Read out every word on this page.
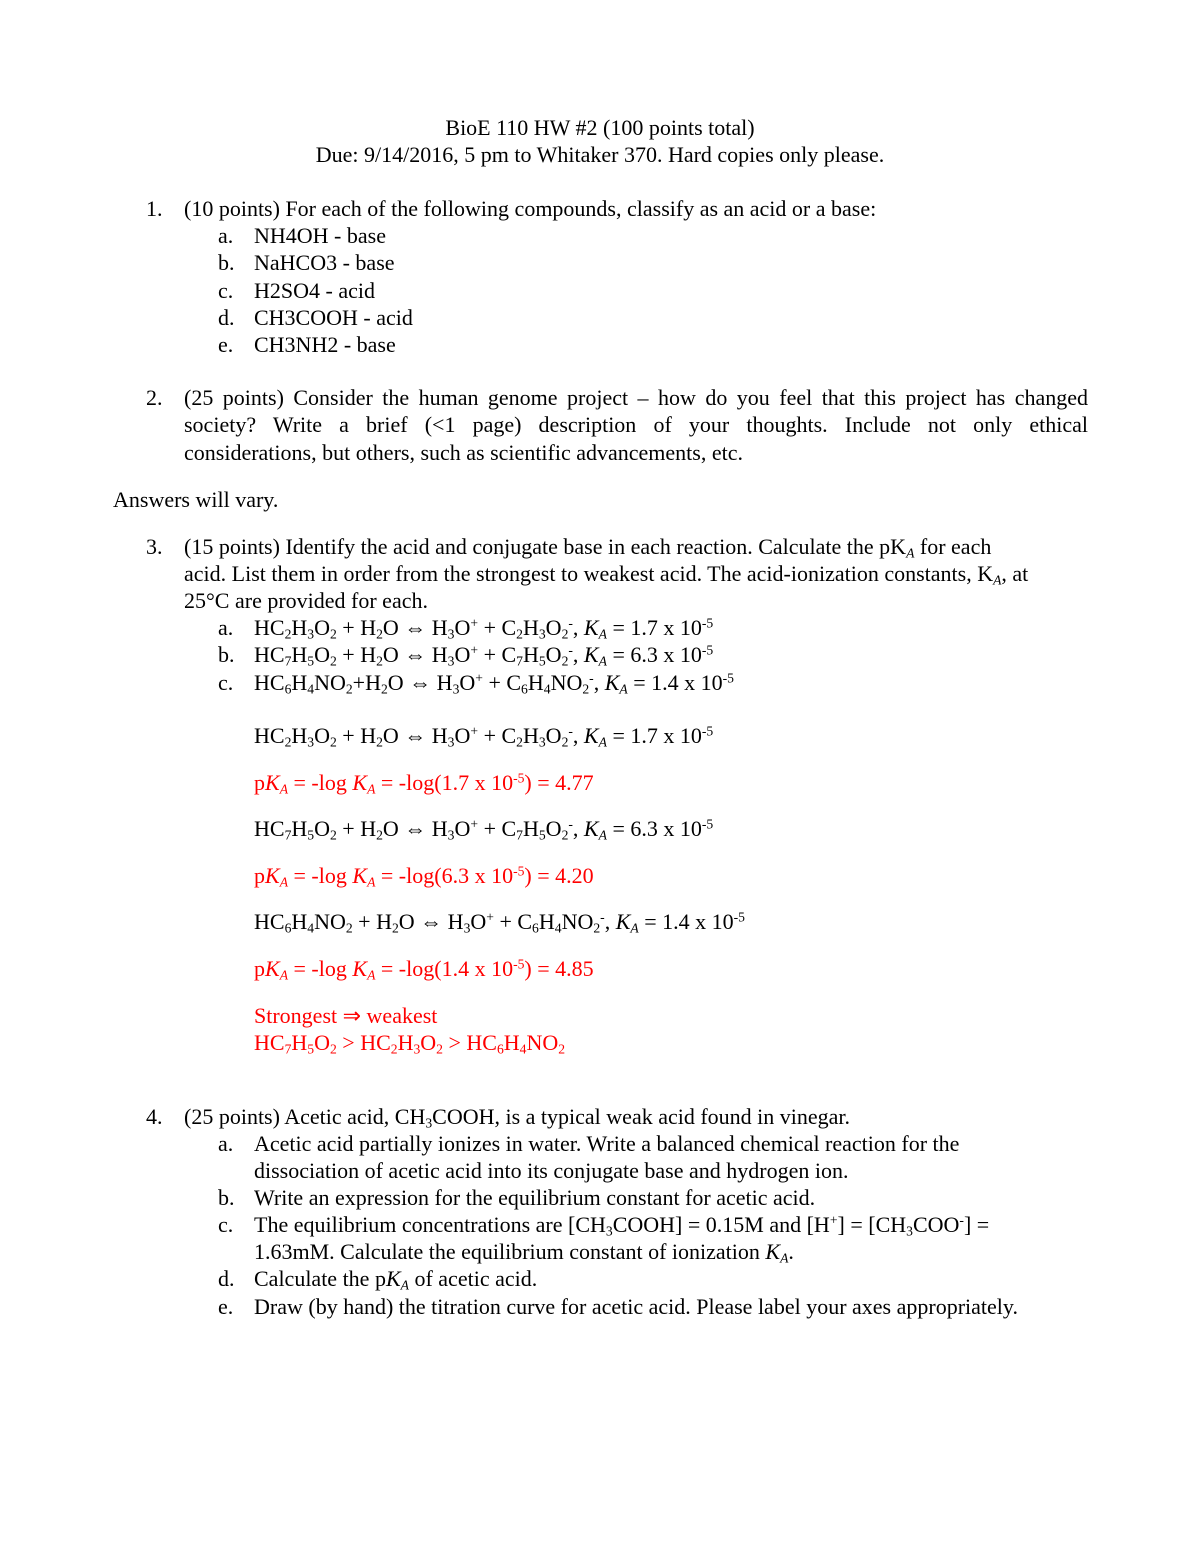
BioE 110 HW #2 (100 points total)
Due: 9/14/2016, 5 pm to Whitaker 370. Hard copies only please.
1. (10 points) For each of the following compounds, classify as an acid or a base:
a. NH4OH - base
b. NaHCO3 - base
c. H2SO4 - acid
d. CH3COOH - acid
e. CH3NH2 - base
2. (25 points) Consider the human genome project – how do you feel that this project has changed
society? Write a brief (<1 page) description of your thoughts. Include not only ethical
considerations, but others, such as scientific advancements, etc.
Answers will vary.
3. (15 points) Identify the acid and conjugate base in each reaction. Calculate the $pK_A$ for each
acid. List them in order from the strongest to weakest acid. The acid-ionization constants, $K_A$, at
25°C are provided for each.
a. $HC_2H_3O_2 + H_2O$ ⇔ $H_3O^+ + C_2H_3O_2^-$, $K_A = 1.7$ x $10^{-5}$
b. $HC_7H_5O_2 + H_2O$ ⇔ $H_3O^+ + C_7H_5O_2^-$, $K_A = 6.3$ x $10^{-5}$
c. $HC_6H_4NO_2+H_2O$ ⇔ $H_3O^+ + C_6H_4NO_2^-$, $K_A = 1.4$ x $10^{-5}$
$HC_2H_3O_2 + H_2O$ ⇔ $H_3O^+ + C_2H_3O_2^-$, $K_A = 1.7$ x $10^{-5}$
$pK_A = -\log$ $K_A = -\log(1.7$ x $10^{-5}) = 4.77$
$HC_7H_5O_2 + H_2O$ ⇔ $H_3O^+ + C_7H_5O_2^-$, $K_A = 6.3$ x $10^{-5}$
$pK_A = -\log$ $K_A = -\log(6.3$ x $10^{-5}) = 4.20$
$HC_6H_4NO_2 + H_2O$ ⇔ $H_3O^+ + C_6H_4NO_2^-$, $K_A = 1.4$ x $10^{-5}$
$pK_A = -\log$ $K_A = -\log(1.4$ x $10^{-5}) = 4.85$
Strongest ⇒ weakest
$HC_7H_5O_2 > HC_2H_3O_2 > HC_6H_4NO_2$
4. (25 points) Acetic acid, $CH_3COOH$, is a typical weak acid found in vinegar.
a. Acetic acid partially ionizes in water. Write a balanced chemical reaction for the
dissociation of acetic acid into its conjugate base and hydrogen ion.
b. Write an expression for the equilibrium constant for acetic acid.
c. The equilibrium concentrations are $[CH_3COOH] = 0.15M$ and $[H^+] = [CH_3COO^-]$ =
1.63mM. Calculate the equilibrium constant of ionization $K_A$.
d. Calculate the $pK_A$ of acetic acid.
e. Draw (by hand) the titration curve for acetic acid. Please label your axes appropriately.
